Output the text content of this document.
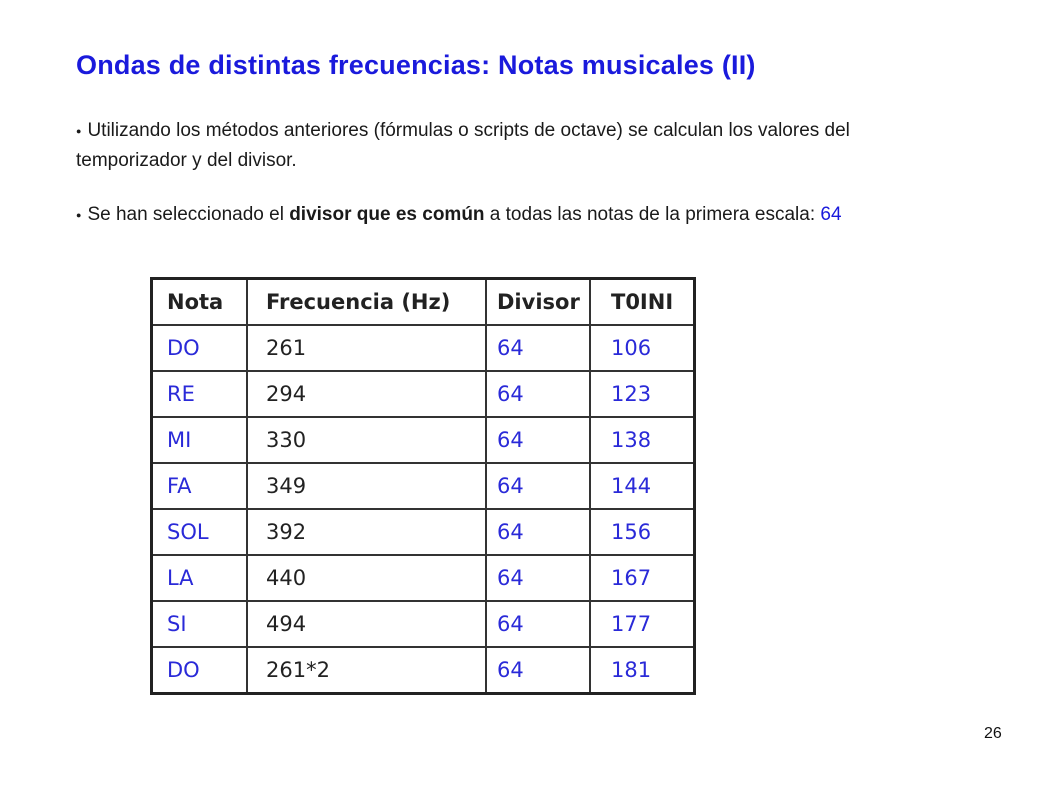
Ondas de distintas frecuencias: Notas musicales (II)

● Utilizando los métodos anteriores (fórmulas o scripts de octave) se calculan los valores del temporizador y del divisor.

● Se han seleccionado el divisor que es común a todas las notas de la primera escala: 64

Nota	Frecuencia (Hz)	Divisor	T0INI
DO	261	64	106
RE	294	64	123
MI	330	64	138
FA	349	64	144
SOL	392	64	156
LA	440	64	167
SI	494	64	177
DO	261*2	64	181
26
